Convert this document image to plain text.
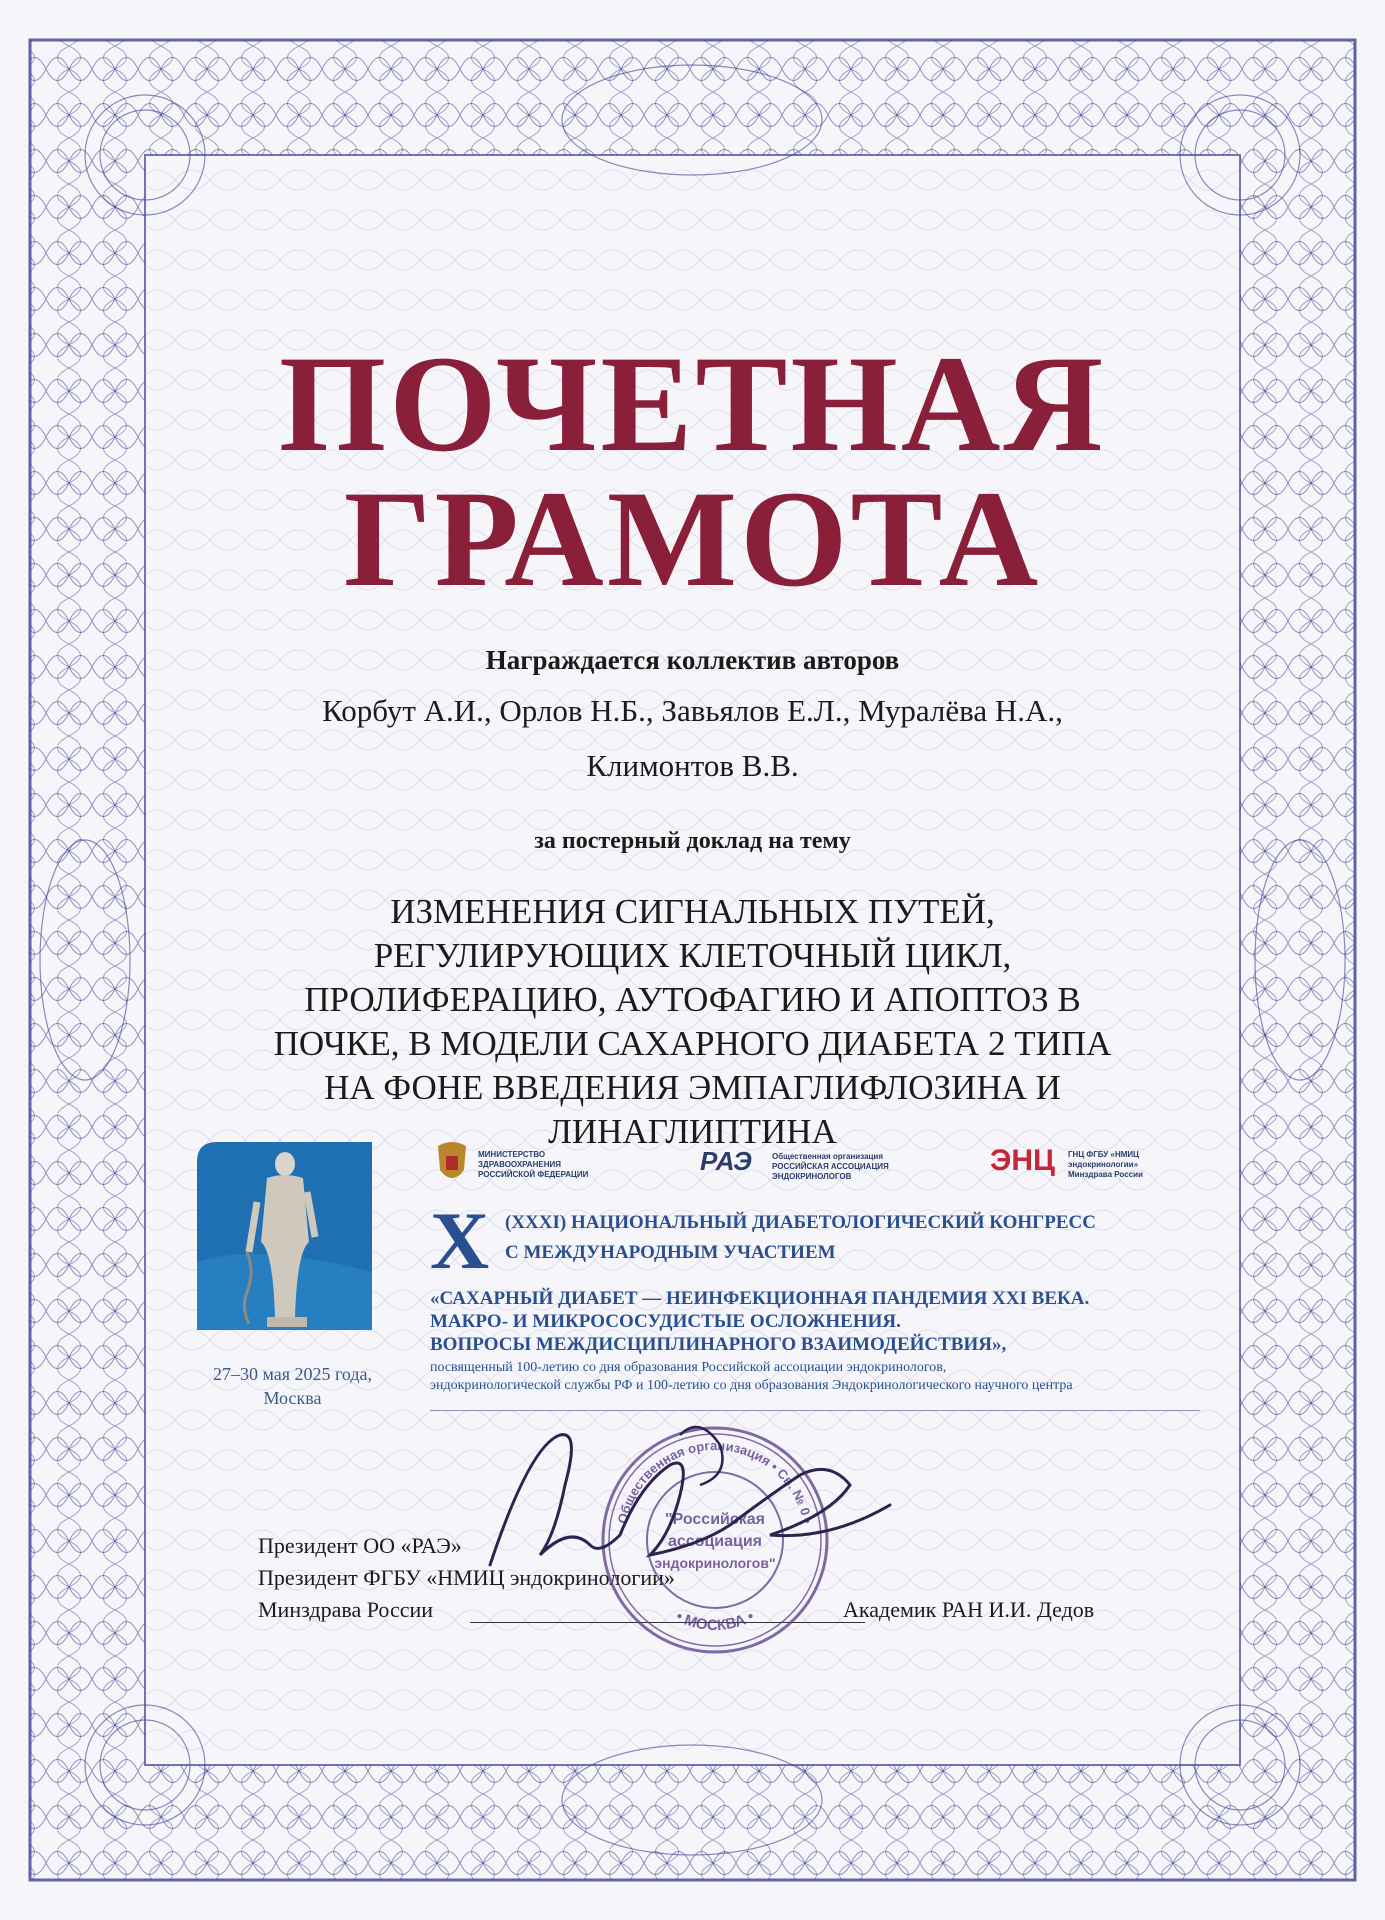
ПОЧЕТНАЯ
ГРАМОТА
Награждается коллектив авторов
Корбут А.И., Орлов Н.Б., Завьялов Е.Л., Муралёва Н.А.,
Климонтов В.В.
за постерный доклад на тему
ИЗМЕНЕНИЯ СИГНАЛЬНЫХ ПУТЕЙ,
РЕГУЛИРУЮЩИХ КЛЕТОЧНЫЙ ЦИКЛ,
ПРОЛИФЕРАЦИЮ, АУТОФАГИЮ И АПОПТОЗ В
ПОЧКЕ, В МОДЕЛИ САХАРНОГО ДИАБЕТА 2 ТИПА
НА ФОНЕ ВВЕДЕНИЯ ЭМПАГЛИФЛОЗИНА И
ЛИНАГЛИПТИНА
27–30 мая 2025 года,
Москва
МИНИСТЕРСТВО
ЗДРАВООХРАНЕНИЯ
РОССИЙСКОЙ ФЕДЕРАЦИИ	РАЭ	Общественная организация
РОССИЙСКАЯ АССОЦИАЦИЯ
ЭНДОКРИНОЛОГОВ	ЭНЦ ГНЦ ФГБУ «НМИЦ
эндокринологии»
Минздрава России
X (XXXI) НАЦИОНАЛЬНЫЙ ДИАБЕТОЛОГИЧЕСКИЙ КОНГРЕСС
С МЕЖДУНАРОДНЫМ УЧАСТИЕМ
«САХАРНЫЙ ДИАБЕТ — НЕИНФЕКЦИОННАЯ ПАНДЕМИЯ XXI ВЕКА.
МАКРО- И МИКРОСОСУДИСТЫЕ ОСЛОЖНЕНИЯ.
ВОПРОСЫ МЕЖДИСЦИПЛИНАРНОГО ВЗАИМОДЕЙСТВИЯ»,
посвященный 100-летию со дня образования Российской ассоциации эндокринологов,
эндокринологической службы РФ и 100-летию со дня образования Эндокринологического научного центра
Президент ОО «РАЭ»
Президент ФГБУ «НМИЦ эндокринологии»
Минздрава России	Академик РАН И.И. Дедов
Общественная организация • Св. № 0 •
• МОСКВА •
"Российская
ассоциация
эндокринологов"
